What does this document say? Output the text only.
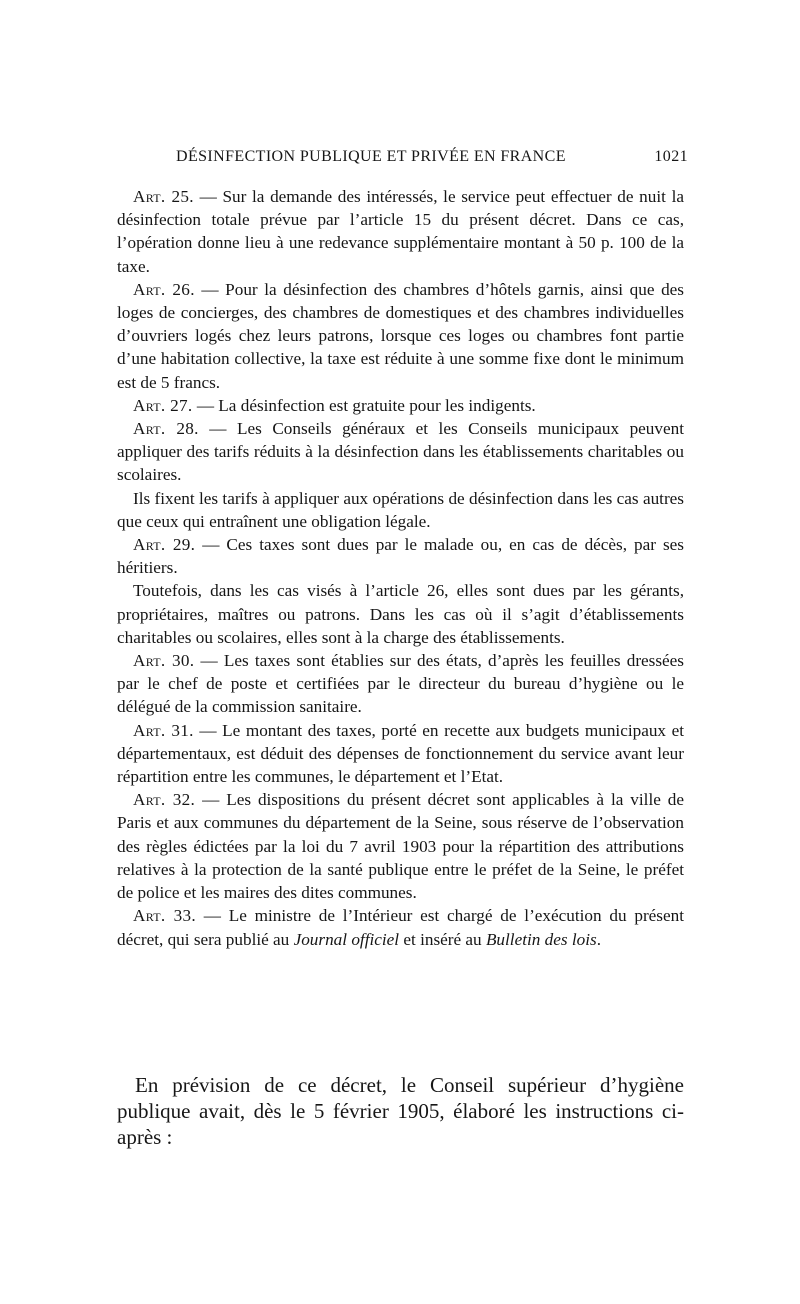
DÉSINFECTION PUBLIQUE ET PRIVÉE EN FRANCE	1021

Art. 25. — Sur la demande des intéressés, le service peut effectuer de nuit la désinfection totale prévue par l’article 15 du présent décret. Dans ce cas, l’opération donne lieu à une redevance supplémentaire montant à 50 p. 100 de la taxe.

Art. 26. — Pour la désinfection des chambres d’hôtels garnis, ainsi que des loges de concierges, des chambres de domestiques et des chambres individuelles d’ouvriers logés chez leurs patrons, lorsque ces loges ou chambres font partie d’une habitation collective, la taxe est réduite à une somme fixe dont le minimum est de 5 francs.

Art. 27. — La désinfection est gratuite pour les indigents.

Art. 28. — Les Conseils généraux et les Conseils municipaux peuvent appliquer des tarifs réduits à la désinfection dans les établissements charitables ou scolaires.

Ils fixent les tarifs à appliquer aux opérations de désinfection dans les cas autres que ceux qui entraînent une obligation légale.

Art. 29. — Ces taxes sont dues par le malade ou, en cas de décès, par ses héritiers.

Toutefois, dans les cas visés à l’article 26, elles sont dues par les gérants, propriétaires, maîtres ou patrons. Dans les cas où il s’agit d’établissements charitables ou scolaires, elles sont à la charge des établissements.

Art. 30. — Les taxes sont établies sur des états, d’après les feuilles dressées par le chef de poste et certifiées par le directeur du bureau d’hygiène ou le délégué de la commission sanitaire.

Art. 31. — Le montant des taxes, porté en recette aux budgets municipaux et départementaux, est déduit des dépenses de fonctionnement du service avant leur répartition entre les communes, le département et l’Etat.

Art. 32. — Les dispositions du présent décret sont applicables à la ville de Paris et aux communes du département de la Seine, sous réserve de l’observation des règles édictées par la loi du 7 avril 1903 pour la répartition des attributions relatives à la protection de la santé publique entre le préfet de la Seine, le préfet de police et les maires des dites communes.

Art. 33. — Le ministre de l’Intérieur est chargé de l’exécution du présent décret, qui sera publié au Journal officiel et inséré au Bulletin des lois.

En prévision de ce décret, le Conseil supérieur d’hygiène publique avait, dès le 5 février 1905, élaboré les instructions ci-après :
